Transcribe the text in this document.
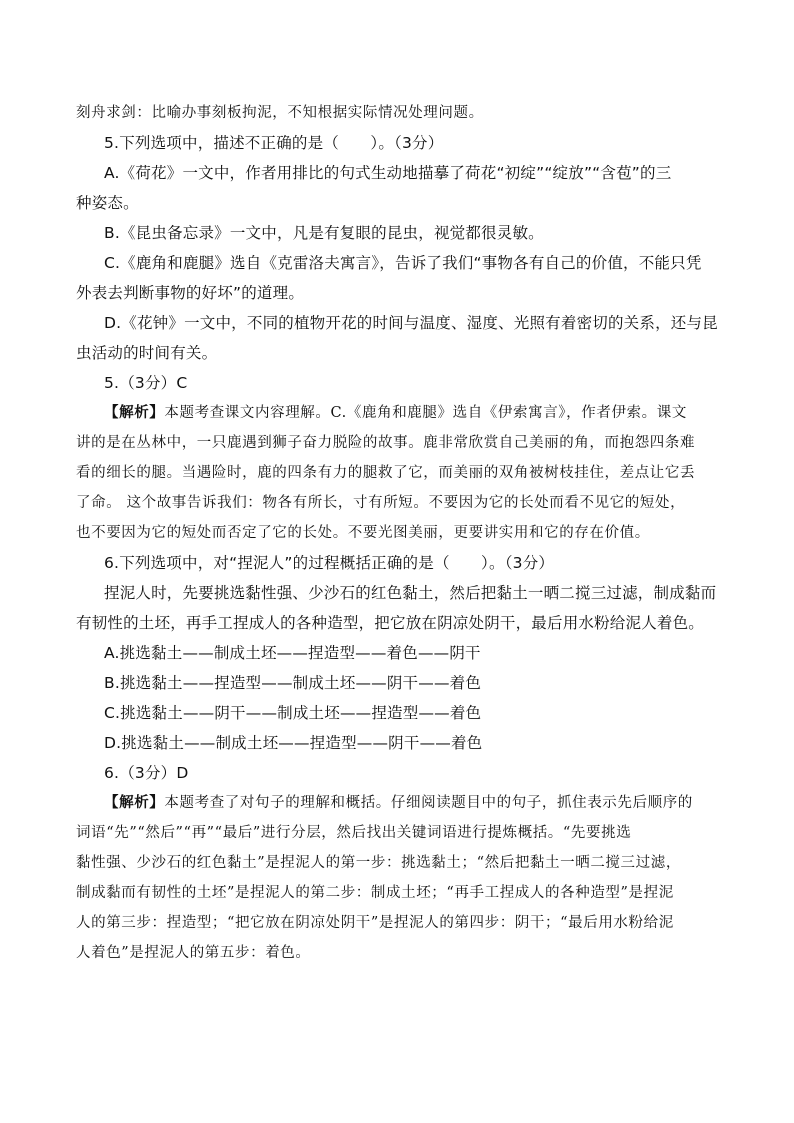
刻舟求剑：比喻办事刻板拘泥，不知根据实际情况处理问题。
5.下列选项中，描述不正确的是（　　）。（3分）
A.《荷花》一文中，作者用排比的句式生动地描摹了荷花“初绽”“绽放”“含苞”的三
种姿态。
B.《昆虫备忘录》一文中，凡是有复眼的昆虫，视觉都很灵敏。
C.《鹿角和鹿腿》选自《克雷洛夫寓言》，告诉了我们“事物各有自己的价值，不能只凭
外表去判断事物的好坏”的道理。
D.《花钟》一文中，不同的植物开花的时间与温度、湿度、光照有着密切的关系，还与昆
虫活动的时间有关。
5.（3分）C
【解析】本题考查课文内容理解。C.《鹿角和鹿腿》选自《伊索寓言》，作者伊索。课文
讲的是在丛林中，一只鹿遇到狮子奋力脱险的故事。鹿非常欣赏自己美丽的角，而抱怨四条难
看的细长的腿。当遇险时，鹿的四条有力的腿救了它，而美丽的双角被树枝挂住，差点让它丢
了命。 这个故事告诉我们：物各有所长，寸有所短。不要因为它的长处而看不见它的短处，
也不要因为它的短处而否定了它的长处。不要光图美丽，更要讲实用和它的存在价值。
6.下列选项中，对“捏泥人”的过程概括正确的是（　　）。（3分）
捏泥人时，先要挑选黏性强、少沙石的红色黏土，然后把黏土一晒二搅三过滤，制成黏而
有韧性的土坯，再手工捏成人的各种造型，把它放在阴凉处阴干，最后用水粉给泥人着色。
A.挑选黏土——制成土坯——捏造型——着色——阴干
B.挑选黏土——捏造型——制成土坯——阴干——着色
C.挑选黏土——阴干——制成土坯——捏造型——着色
D.挑选黏土——制成土坯——捏造型——阴干——着色
6.（3分）D
【解析】本题考查了对句子的理解和概括。仔细阅读题目中的句子，抓住表示先后顺序的
词语“先”“然后”“再”“最后”进行分层，然后找出关键词语进行提炼概括。“先要挑选
黏性强、少沙石的红色黏土”是捏泥人的第一步：挑选黏土；“然后把黏土一晒二搅三过滤，
制成黏而有韧性的土坯”是捏泥人的第二步：制成土坯；“再手工捏成人的各种造型”是捏泥
人的第三步：捏造型；“把它放在阴凉处阴干”是捏泥人的第四步：阴干；“最后用水粉给泥
人着色”是捏泥人的第五步：着色。
